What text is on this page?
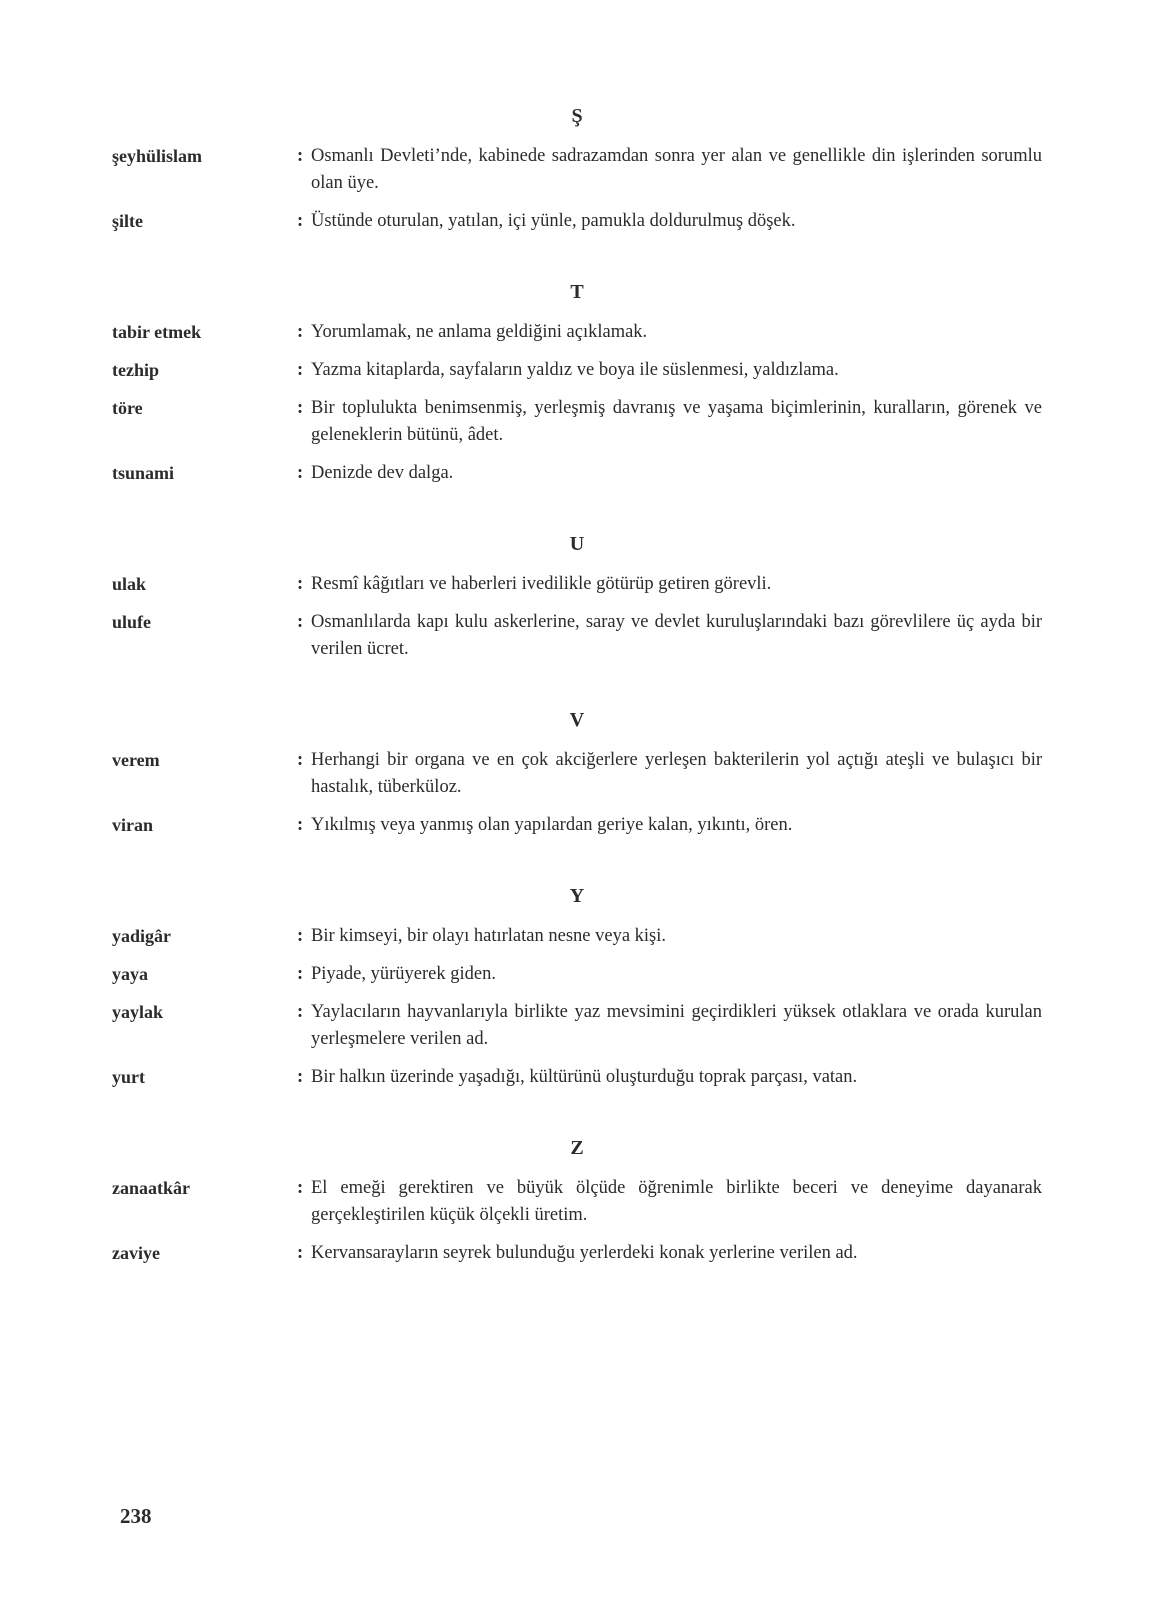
Ş
şeyhülislam	: Osmanlı Devleti’nde, kabinede sadrazamdan sonra yer alan ve genellikle din işlerinden sorumlu olan üye.
şilte	: Üstünde oturulan, yatılan, içi yünle, pamukla doldurulmuş döşek.
T
tabir etmek	: Yorumlamak, ne anlama geldiğini açıklamak.
tezhip	: Yazma kitaplarda, sayfaların yaldız ve boya ile süslenmesi, yaldızlama.
töre	: Bir toplulukta benimsenmiş, yerleşmiş davranış ve yaşama biçimlerinin, kuralların, görenek ve geleneklerin bütünü, âdet.
tsunami	: Denizde dev dalga.
U
ulak	: Resmî kâğıtları ve haberleri ivedilikle götürüp getiren görevli.
ulufe	: Osmanlılarda kapı kulu askerlerine, saray ve devlet kuruluşlarındaki bazı görevlilere üç ayda bir verilen ücret.
V
verem	: Herhangi bir organa ve en çok akciğerlere yerleşen bakterilerin yol açtığı ateşli ve bulaşıcı bir hastalık, tüberküloz.
viran	: Yıkılmış veya yanmış olan yapılardan geriye kalan, yıkıntı, ören.
Y
yadigâr	: Bir kimseyi, bir olayı hatırlatan nesne veya kişi.
yaya	: Piyade, yürüyerek giden.
yaylak	: Yaylacıların hayvanlarıyla birlikte yaz mevsimini geçirdikleri yüksek otlaklara ve orada kurulan yerleşmelere verilen ad.
yurt	: Bir halkın üzerinde yaşadığı, kültürünü oluşturduğu toprak parçası, vatan.
Z
zanaatkâr	: El emeği gerektiren ve büyük ölçüde öğrenimle birlikte beceri ve deneyime dayanarak gerçekleştirilen küçük ölçekli üretim.
zaviye	: Kervansarayların seyrek bulunduğu yerlerdeki konak yerlerine verilen ad.
238
